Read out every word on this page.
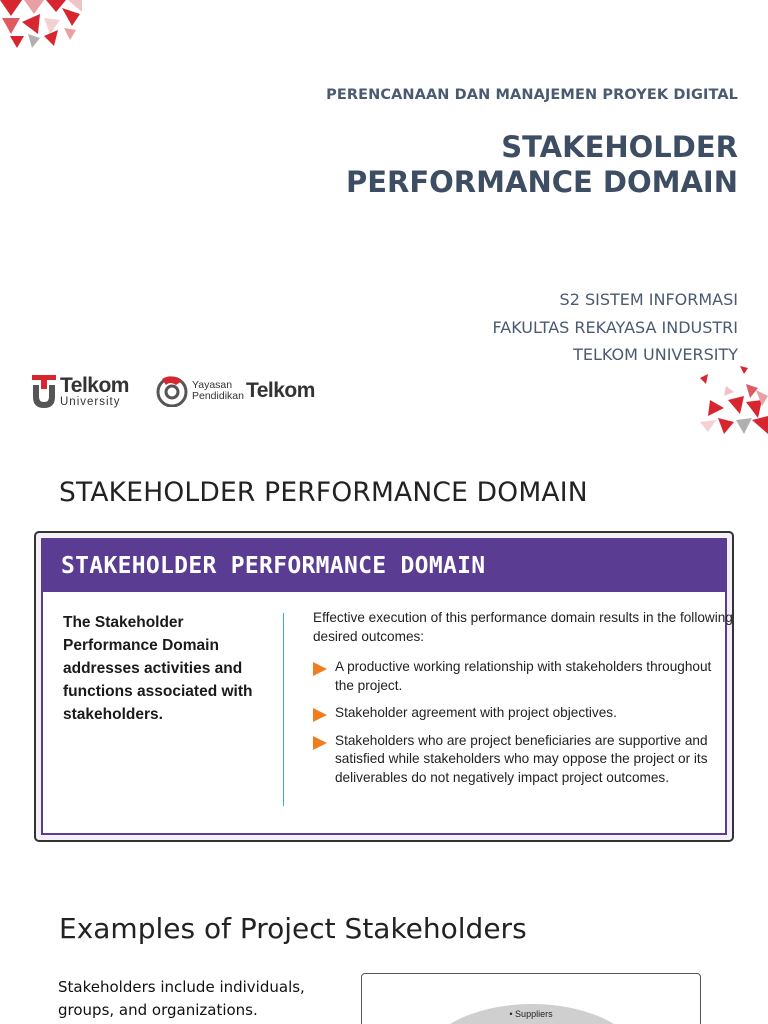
PERENCANAAN DAN MANAJEMEN PROYEK DIGITAL
STAKEHOLDER
PERFORMANCE DOMAIN
S2 SISTEM INFORMASI
FAKULTAS REKAYASA INDUSTRI
TELKOM UNIVERSITY
Telkom
University
Yayasan
Pendidikan Telkom
STAKEHOLDER PERFORMANCE DOMAIN
STAKEHOLDER PERFORMANCE DOMAIN
The Stakeholder Performance Domain addresses activities and functions associated with stakeholders.
Effective execution of this performance domain results in the following desired outcomes:
A productive working relationship with stakeholders throughout the project.
Stakeholder agreement with project objectives.
Stakeholders who are project beneficiaries are supportive and satisfied while stakeholders who may oppose the project or its deliverables do not negatively impact project outcomes.
Examples of Project Stakeholders
Stakeholders include individuals, groups, and organizations.	• Suppliers
